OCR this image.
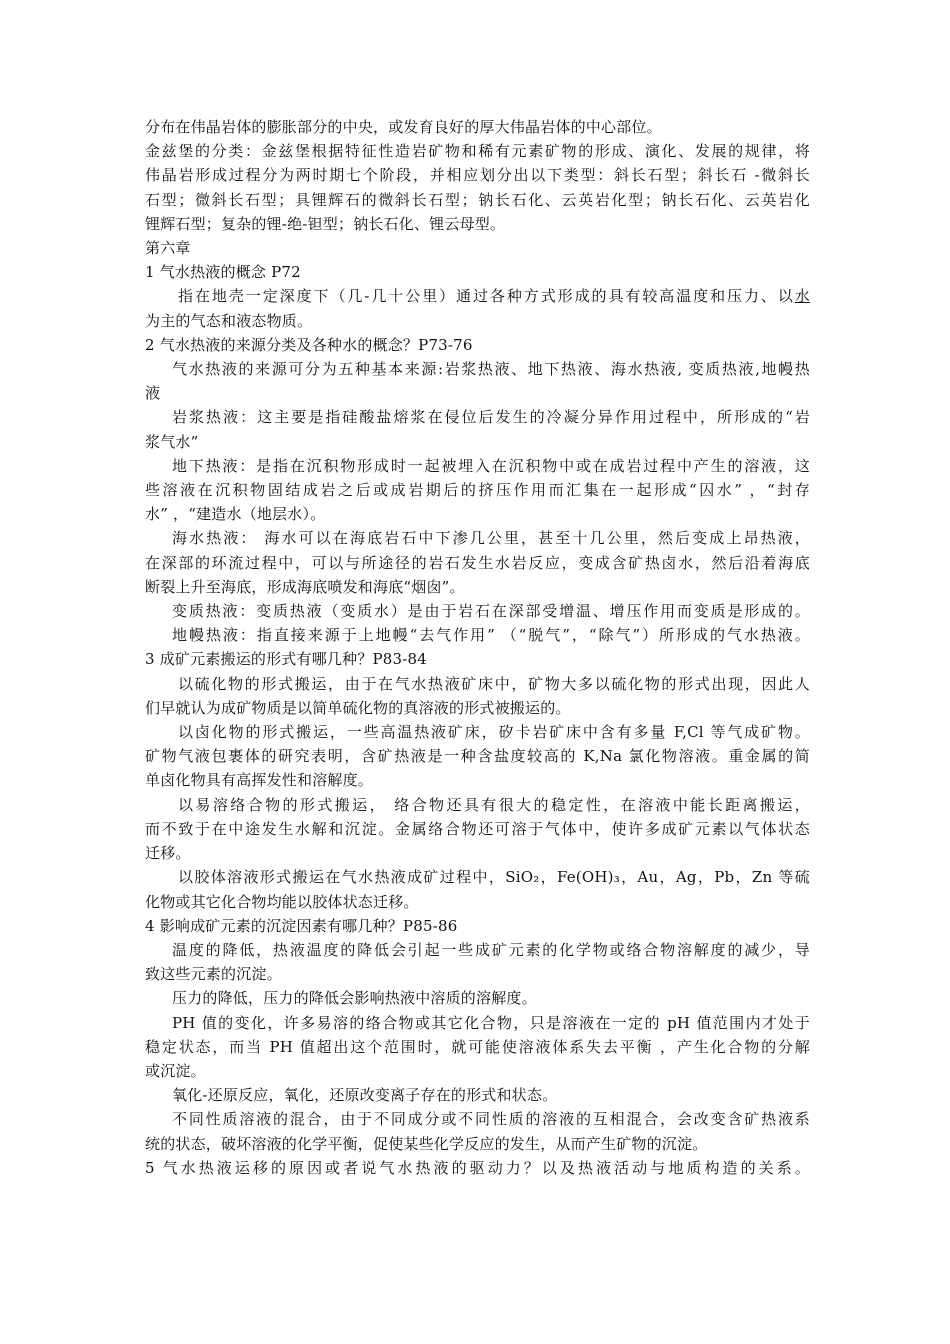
分布在伟晶岩体的膨胀部分的中央，或发育良好的厚大伟晶岩体的中心部位。
金兹堡的分类：金兹堡根据特征性造岩矿物和稀有元素矿物的形成、演化、发展的规律，将
伟晶岩形成过程分为两时期七个阶段，并相应划分出以下类型：斜长石型；斜长石 -微斜长
石型；微斜长石型；具锂辉石的微斜长石型；钠长石化、云英岩化型；钠长石化、云英岩化
锂辉石型；复杂的锂-绝-钽型；钠长石化、锂云母型。
第六章
1 气水热液的概念 P72
指在地壳一定深度下（几-几十公里）通过各种方式形成的具有较高温度和压力、以水
为主的气态和液态物质。
2 气水热液的来源分类及各种水的概念？P73-76
气水热液的来源可分为五种基本来源:岩浆热液、地下热液、海水热液, 变质热液,地幔热
液
岩浆热液：这主要是指硅酸盐熔浆在侵位后发生的冷凝分异作用过程中，所形成的“岩
浆气水”
地下热液：是指在沉积物形成时一起被埋入在沉积物中或在成岩过程中产生的溶液，这
些溶液在沉积物固结成岩之后或成岩期后的挤压作用而汇集在一起形成“囚水” ，“封存
水” ，“建造水（地层水）。
海水热液： 海水可以在海底岩石中下渗几公里，甚至十几公里，然后变成上昂热液，
在深部的环流过程中，可以与所途径的岩石发生水岩反应，变成含矿热卤水，然后沿着海底
断裂上升至海底，形成海底喷发和海底“烟囱”。
变质热液：变质热液（变质水）是由于岩石在深部受增温、增压作用而变质是形成的。
地幔热液：指直接来源于上地幔“去气作用” （“脱气”，“除气”）所形成的气水热液。
3 成矿元素搬运的形式有哪几种？P83-84
以硫化物的形式搬运，由于在气水热液矿床中，矿物大多以硫化物的形式出现，因此人
们早就认为成矿物质是以简单硫化物的真溶液的形式被搬运的。
以卤化物的形式搬运，一些高温热液矿床，矽卡岩矿床中含有多量 F,Cl 等气成矿物。
矿物气液包裹体的研究表明，含矿热液是一种含盐度较高的 K,Na 氯化物溶液。重金属的简
单卤化物具有高挥发性和溶解度。
以易溶络合物的形式搬运， 络合物还具有很大的稳定性，在溶液中能长距离搬运，
而不致于在中途发生水解和沉淀。金属络合物还可溶于气体中，使许多成矿元素以气体状态
迁移。
以胶体溶液形式搬运在气水热液成矿过程中，SiO₂，Fe(OH)₃，Au，Ag，Pb，Zn 等硫
化物或其它化合物均能以胶体状态迁移。
4 影响成矿元素的沉淀因素有哪几种？P85-86
温度的降低，热液温度的降低会引起一些成矿元素的化学物或络合物溶解度的减少，导
致这些元素的沉淀。
压力的降低，压力的降低会影响热液中溶质的溶解度。
PH 值的变化，许多易溶的络合物或其它化合物，只是溶液在一定的 pH 值范围内才处于
稳定状态，而当 PH 值超出这个范围时，就可能使溶液体系失去平衡 ，产生化合物的分解
或沉淀。
氧化-还原反应，氧化，还原改变离子存在的形式和状态。
不同性质溶液的混合，由于不同成分或不同性质的溶液的互相混合，会改变含矿热液系
统的状态，破坏溶液的化学平衡，促使某些化学反应的发生，从而产生矿物的沉淀。
5 气水热液运移的原因或者说气水热液的驱动力？以及热液活动与地质构造的关系。
